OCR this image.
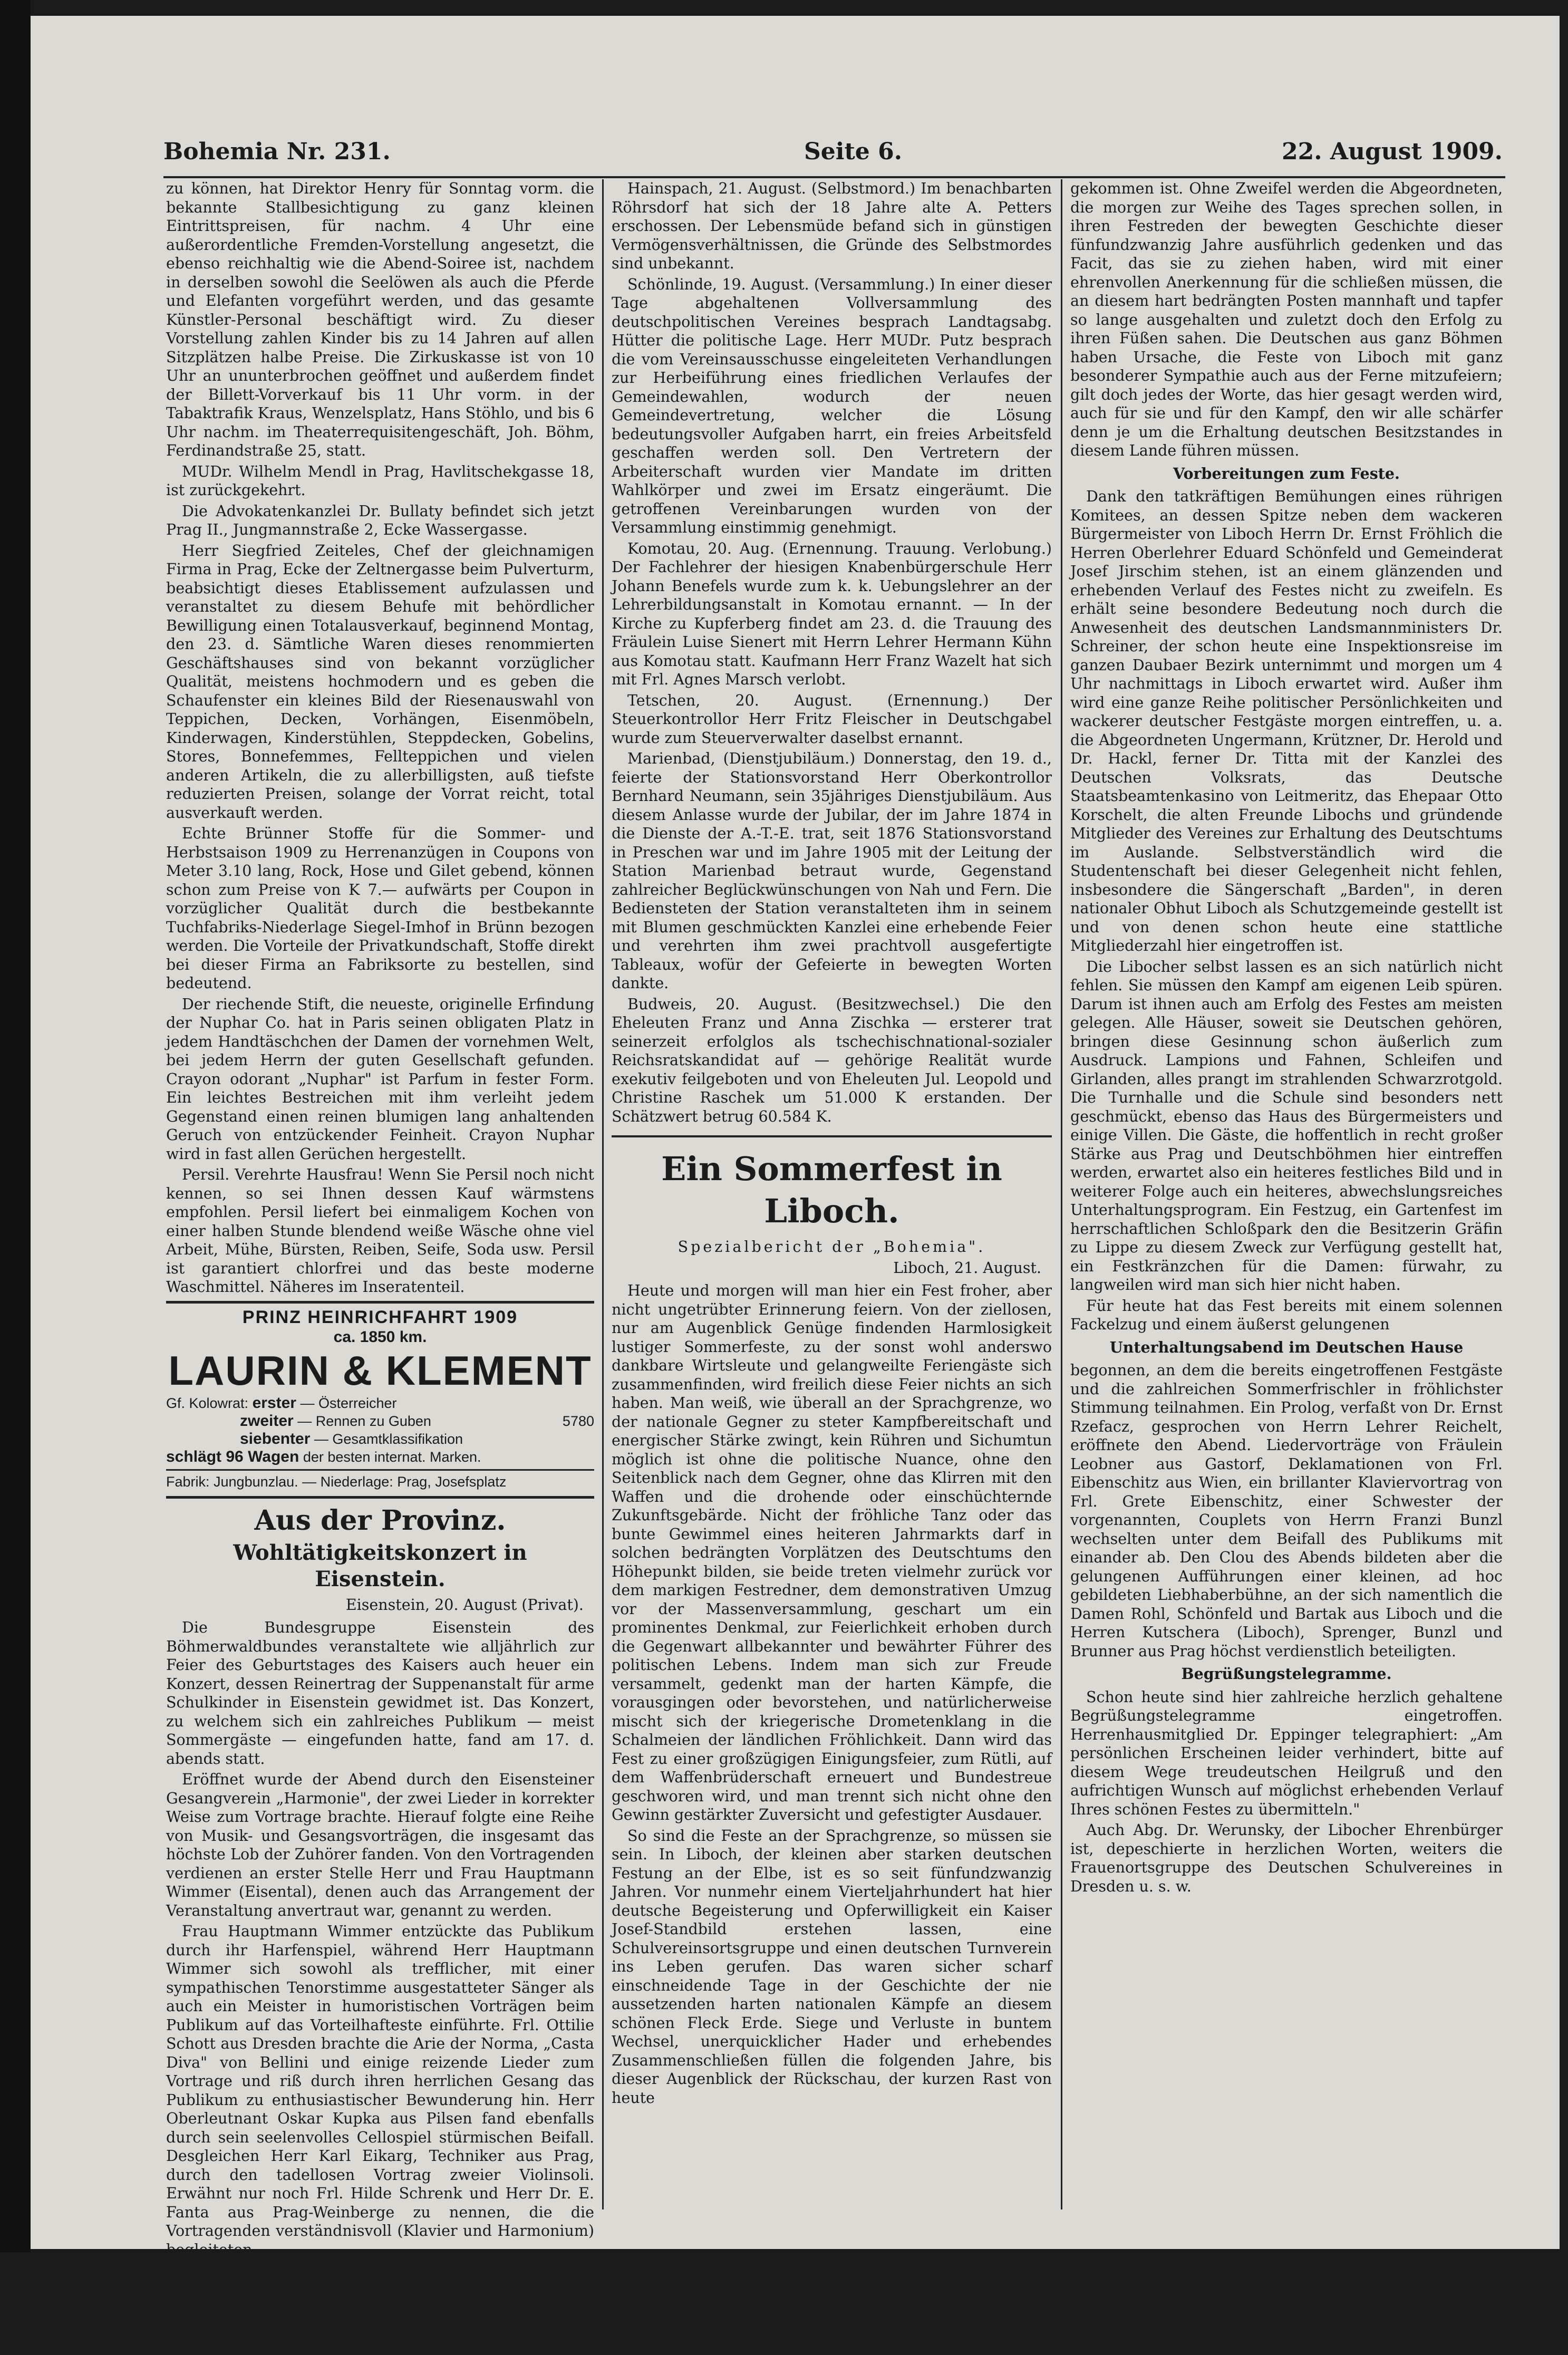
Bohemia Nr. 231.	Seite 6.	22. August 1909.

zu können, hat Direktor Henry für Sonntag vorm. die bekannte Stallbesichtigung zu ganz kleinen Eintrittspreisen, für nachm. 4 Uhr eine außerordentliche Fremden-Vorstellung angesetzt, die ebenso reichhaltig wie die Abend-Soiree ist, nachdem in derselben sowohl die Seelöwen als auch die Pferde und Elefanten vorgeführt werden, und das gesamte Künstler-Personal beschäftigt wird. Zu dieser Vorstellung zahlen Kinder bis zu 14 Jahren auf allen Sitzplätzen halbe Preise. Die Zirkuskasse ist von 10 Uhr an ununterbrochen geöffnet und außerdem findet der Billett-Vorverkauf bis 11 Uhr vorm. in der Tabaktrafik Kraus, Wenzelsplatz, Hans Stöhlo, und bis 6 Uhr nachm. im Theaterrequisitengeschäft, Joh. Böhm, Ferdinandstraße 25, statt.

MUDr. Wilhelm Mendl in Prag, Havlitschekgasse 18, ist zurückgekehrt.

Die Advokatenkanzlei Dr. Bullaty befindet sich jetzt Prag II., Jungmannstraße 2, Ecke Wassergasse.

Herr Siegfried Zeiteles, Chef der gleichnamigen Firma in Prag, Ecke der Zeltnergasse beim Pulverturm, beabsichtigt dieses Etablissement aufzulassen und veranstaltet zu diesem Behufe mit behördlicher Bewilligung einen Totalausverkauf, beginnend Montag, den 23. d. Sämtliche Waren dieses renommierten Geschäftshauses sind von bekannt vorzüglicher Qualität, meistens hochmodern und es geben die Schaufenster ein kleines Bild der Riesenauswahl von Teppichen, Decken, Vorhängen, Eisenmöbeln, Kinderwagen, Kinderstühlen, Steppdecken, Gobelins, Stores, Bonnefemmes, Fellteppichen und vielen anderen Artikeln, die zu allerbilligsten, auß tiefste reduzierten Preisen, solange der Vorrat reicht, total ausverkauft werden.

Echte Brünner Stoffe für die Sommer- und Herbstsaison 1909 zu Herrenanzügen in Coupons von Meter 3.10 lang, Rock, Hose und Gilet gebend, können schon zum Preise von K 7.— aufwärts per Coupon in vorzüglicher Qualität durch die bestbekannte Tuchfabriks-Niederlage Siegel-Imhof in Brünn bezogen werden. Die Vorteile der Privatkundschaft, Stoffe direkt bei dieser Firma an Fabriksorte zu bestellen, sind bedeutend.

Der riechende Stift, die neueste, originelle Erfindung der Nuphar Co. hat in Paris seinen obligaten Platz in jedem Handtäschchen der Damen der vornehmen Welt, bei jedem Herrn der guten Gesellschaft gefunden. Crayon odorant „Nuphar" ist Parfum in fester Form. Ein leichtes Bestreichen mit ihm verleiht jedem Gegenstand einen reinen blumigen lang anhaltenden Geruch von entzückender Feinheit. Crayon Nuphar wird in fast allen Gerüchen hergestellt.

Persil. Verehrte Hausfrau! Wenn Sie Persil noch nicht kennen, so sei Ihnen dessen Kauf wärmstens empfohlen. Persil liefert bei einmaligem Kochen von einer halben Stunde blendend weiße Wäsche ohne viel Arbeit, Mühe, Bürsten, Reiben, Seife, Soda usw. Persil ist garantiert chlorfrei und das beste moderne Waschmittel. Näheres im Inseratenteil.

PRINZ HEINRICHFAHRT 1909
ca. 1850 km.
LAURIN & KLEMENT
Gf. Kolowrat: erster — Österreicher
zweiter — Rennen zu Guben	5780
siebenter — Gesamtklassifikation
schlägt 96 Wagen der besten internat. Marken.
Fabrik: Jungbunzlau. — Niederlage: Prag, Josefsplatz
Aus der Provinz.
Wohltätigkeitskonzert in Eisenstein.
Eisenstein, 20. August (Privat).

Die Bundesgruppe Eisenstein des Böhmerwaldbundes veranstaltete wie alljährlich zur Feier des Geburtstages des Kaisers auch heuer ein Konzert, dessen Reinertrag der Suppenanstalt für arme Schulkinder in Eisenstein gewidmet ist. Das Konzert, zu welchem sich ein zahlreiches Publikum — meist Sommergäste — eingefunden hatte, fand am 17. d. abends statt.

Eröffnet wurde der Abend durch den Eisensteiner Gesangverein „Harmonie", der zwei Lieder in korrekter Weise zum Vortrage brachte. Hierauf folgte eine Reihe von Musik- und Gesangsvorträgen, die insgesamt das höchste Lob der Zuhörer fanden. Von den Vortragenden verdienen an erster Stelle Herr und Frau Hauptmann Wimmer (Eisental), denen auch das Arrangement der Veranstaltung anvertraut war, genannt zu werden.

Frau Hauptmann Wimmer entzückte das Publikum durch ihr Harfenspiel, während Herr Hauptmann Wimmer sich sowohl als trefflicher, mit einer sympathischen Tenorstimme ausgestatteter Sänger als auch ein Meister in humoristischen Vorträgen beim Publikum auf das Vorteilhafteste einführte. Frl. Ottilie Schott aus Dresden brachte die Arie der Norma, „Casta Diva" von Bellini und einige reizende Lieder zum Vortrage und riß durch ihren herrlichen Gesang das Publikum zu enthusiastischer Bewunderung hin. Herr Oberleutnant Oskar Kupka aus Pilsen fand ebenfalls durch sein seelenvolles Cellospiel stürmischen Beifall. Desgleichen Herr Karl Eikarg, Techniker aus Prag, durch den tadellosen Vortrag zweier Violinsoli. Erwähnt nur noch Frl. Hilde Schrenk und Herr Dr. E. Fanta aus Prag-Weinberge zu nennen, die die Vortragenden verständnisvoll (Klavier und Harmonium) begleiteten.

Zum Schluß sei erwähnt, daß das Publikum von der Vornehmheit und Gediegenheit der feurigen Darbietungen auf das angenehmste überrascht war und daß der Reinertrag ein nicht unbedeutender sein dürfte.

Hainspach, 21. August. (Selbstmord.) Im benachbarten Röhrsdorf hat sich der 18 Jahre alte A. Petters erschossen. Der Lebensmüde befand sich in günstigen Vermögensverhältnissen, die Gründe des Selbstmordes sind unbekannt.

Schönlinde, 19. August. (Versammlung.) In einer dieser Tage abgehaltenen Vollversammlung des deutschpolitischen Vereines besprach Landtagsabg. Hütter die politische Lage. Herr MUDr. Putz besprach die vom Vereinsausschusse eingeleiteten Verhandlungen zur Herbeiführung eines friedlichen Verlaufes der Gemeindewahlen, wodurch der neuen Gemeindevertretung, welcher die Lösung bedeutungsvoller Aufgaben harrt, ein freies Arbeitsfeld geschaffen werden soll. Den Vertretern der Arbeiterschaft wurden vier Mandate im dritten Wahlkörper und zwei im Ersatz eingeräumt. Die getroffenen Vereinbarungen wurden von der Versammlung einstimmig genehmigt.

Komotau, 20. Aug. (Ernennung. Trauung. Verlobung.) Der Fachlehrer der hiesigen Knabenbürgerschule Herr Johann Benefels wurde zum k. k. Uebungslehrer an der Lehrerbildungsanstalt in Komotau ernannt. — In der Kirche zu Kupferberg findet am 23. d. die Trauung des Fräulein Luise Sienert mit Herrn Lehrer Hermann Kühn aus Komotau statt. Kaufmann Herr Franz Wazelt hat sich mit Frl. Agnes Marsch verlobt.

Tetschen, 20. August. (Ernennung.) Der Steuerkontrollor Herr Fritz Fleischer in Deutschgabel wurde zum Steuerverwalter daselbst ernannt.

Marienbad, (Dienstjubiläum.) Donnerstag, den 19. d., feierte der Stationsvorstand Herr Oberkontrollor Bernhard Neumann, sein 35jähriges Dienstjubiläum. Aus diesem Anlasse wurde der Jubilar, der im Jahre 1874 in die Dienste der A.-T.-E. trat, seit 1876 Stationsvorstand in Preschen war und im Jahre 1905 mit der Leitung der Station Marienbad betraut wurde, Gegenstand zahlreicher Beglückwünschungen von Nah und Fern. Die Bediensteten der Station veranstalteten ihm in seinem mit Blumen geschmückten Kanzlei eine erhebende Feier und verehrten ihm zwei prachtvoll ausgefertigte Tableaux, wofür der Gefeierte in bewegten Worten dankte.

Budweis, 20. August. (Besitzwechsel.) Die den Eheleuten Franz und Anna Zischka — ersterer trat seinerzeit erfolglos als tschechischnational-sozialer Reichsratskandidat auf — gehörige Realität wurde exekutiv feilgeboten und von Eheleuten Jul. Leopold und Christine Raschek um 51.000 K erstanden. Der Schätzwert betrug 60.584 K.

Ein Sommerfest in Liboch.
Spezialbericht der „Bohemia".
Liboch, 21. August.

Heute und morgen will man hier ein Fest froher, aber nicht ungetrübter Erinnerung feiern. Von der ziellosen, nur am Augenblick Genüge findenden Harmlosigkeit lustiger Sommerfeste, zu der sonst wohl anderswo dankbare Wirtsleute und gelangweilte Feriengäste sich zusammenfinden, wird freilich diese Feier nichts an sich haben. Man weiß, wie überall an der Sprachgrenze, wo der nationale Gegner zu steter Kampfbereitschaft und energischer Stärke zwingt, kein Rühren und Sichumtun möglich ist ohne die politische Nuance, ohne den Seitenblick nach dem Gegner, ohne das Klirren mit den Waffen und die drohende oder einschüchternde Zukunftsgebärde. Nicht der fröhliche Tanz oder das bunte Gewimmel eines heiteren Jahrmarkts darf in solchen bedrängten Vorplätzen des Deutschtums den Höhepunkt bilden, sie beide treten vielmehr zurück vor dem markigen Festredner, dem demonstrativen Umzug vor der Massenversammlung, geschart um ein prominentes Denkmal, zur Feierlichkeit erhoben durch die Gegenwart allbekannter und bewährter Führer des politischen Lebens. Indem man sich zur Freude versammelt, gedenkt man der harten Kämpfe, die vorausgingen oder bevorstehen, und natürlicherweise mischt sich der kriegerische Drometenklang in die Schalmeien der ländlichen Fröhlichkeit. Dann wird das Fest zu einer großzügigen Einigungsfeier, zum Rütli, auf dem Waffenbrüderschaft erneuert und Bundestreue geschworen wird, und man trennt sich nicht ohne den Gewinn gestärkter Zuversicht und gefestigter Ausdauer.

So sind die Feste an der Sprachgrenze, so müssen sie sein. In Liboch, der kleinen aber starken deutschen Festung an der Elbe, ist es so seit fünfundzwanzig Jahren. Vor nunmehr einem Vierteljahrhundert hat hier deutsche Begeisterung und Opferwilligkeit ein Kaiser Josef-Standbild erstehen lassen, eine Schulvereinsortsgruppe und einen deutschen Turnverein ins Leben gerufen. Das waren sicher scharf einschneidende Tage in der Geschichte der nie aussetzenden harten nationalen Kämpfe an diesem schönen Fleck Erde. Siege und Verluste in buntem Wechsel, unerquicklicher Hader und erhebendes Zusammenschließen füllen die folgenden Jahre, bis dieser Augenblick der Rückschau, der kurzen Rast von heute

gekommen ist. Ohne Zweifel werden die Abgeordneten, die morgen zur Weihe des Tages sprechen sollen, in ihren Festreden der bewegten Geschichte dieser fünfundzwanzig Jahre ausführlich gedenken und das Facit, das sie zu ziehen haben, wird mit einer ehrenvollen Anerkennung für die schließen müssen, die an diesem hart bedrängten Posten mannhaft und tapfer so lange ausgehalten und zuletzt doch den Erfolg zu ihren Füßen sahen. Die Deutschen aus ganz Böhmen haben Ursache, die Feste von Liboch mit ganz besonderer Sympathie auch aus der Ferne mitzufeiern; gilt doch jedes der Worte, das hier gesagt werden wird, auch für sie und für den Kampf, den wir alle schärfer denn je um die Erhaltung deutschen Besitzstandes in diesem Lande führen müssen.

Vorbereitungen zum Feste.

Dank den tatkräftigen Bemühungen eines rührigen Komitees, an dessen Spitze neben dem wackeren Bürgermeister von Liboch Herrn Dr. Ernst Fröhlich die Herren Oberlehrer Eduard Schönfeld und Gemeinderat Josef Jirschim stehen, ist an einem glänzenden und erhebenden Verlauf des Festes nicht zu zweifeln. Es erhält seine besondere Bedeutung noch durch die Anwesenheit des deutschen Landsmannministers Dr. Schreiner, der schon heute eine Inspektionsreise im ganzen Daubaer Bezirk unternimmt und morgen um 4 Uhr nachmittags in Liboch erwartet wird. Außer ihm wird eine ganze Reihe politischer Persönlichkeiten und wackerer deutscher Festgäste morgen eintreffen, u. a. die Abgeordneten Ungermann, Krützner, Dr. Herold und Dr. Hackl, ferner Dr. Titta mit der Kanzlei des Deutschen Volksrats, das Deutsche Staatsbeamtenkasino von Leitmeritz, das Ehepaar Otto Korschelt, die alten Freunde Libochs und gründende Mitglieder des Vereines zur Erhaltung des Deutschtums im Auslande. Selbstverständlich wird die Studentenschaft bei dieser Gelegenheit nicht fehlen, insbesondere die Sängerschaft „Barden", in deren nationaler Obhut Liboch als Schutzgemeinde gestellt ist und von denen schon heute eine stattliche Mitgliederzahl hier eingetroffen ist.

Die Libocher selbst lassen es an sich natürlich nicht fehlen. Sie müssen den Kampf am eigenen Leib spüren. Darum ist ihnen auch am Erfolg des Festes am meisten gelegen. Alle Häuser, soweit sie Deutschen gehören, bringen diese Gesinnung schon äußerlich zum Ausdruck. Lampions und Fahnen, Schleifen und Girlanden, alles prangt im strahlenden Schwarzrotgold. Die Turnhalle und die Schule sind besonders nett geschmückt, ebenso das Haus des Bürgermeisters und einige Villen. Die Gäste, die hoffentlich in recht großer Stärke aus Prag und Deutschböhmen hier eintreffen werden, erwartet also ein heiteres festliches Bild und in weiterer Folge auch ein heiteres, abwechslungsreiches Unterhaltungsprogram. Ein Festzug, ein Gartenfest im herrschaftlichen Schloßpark den die Besitzerin Gräfin zu Lippe zu diesem Zweck zur Verfügung gestellt hat, ein Festkränzchen für die Damen: fürwahr, zu langweilen wird man sich hier nicht haben.

Für heute hat das Fest bereits mit einem solennen Fackelzug und einem äußerst gelungenen

Unterhaltungsabend im Deutschen Hause

begonnen, an dem die bereits eingetroffenen Festgäste und die zahlreichen Sommerfrischler in fröhlichster Stimmung teilnahmen. Ein Prolog, verfaßt von Dr. Ernst Rzefacz, gesprochen von Herrn Lehrer Reichelt, eröffnete den Abend. Liedervorträge von Fräulein Leobner aus Gastorf, Deklamationen von Frl. Eibenschitz aus Wien, ein brillanter Klaviervortrag von Frl. Grete Eibenschitz, einer Schwester der vorgenannten, Couplets von Herrn Franzi Bunzl wechselten unter dem Beifall des Publikums mit einander ab. Den Clou des Abends bildeten aber die gelungenen Aufführungen einer kleinen, ad hoc gebildeten Liebhaberbühne, an der sich namentlich die Damen Rohl, Schönfeld und Bartak aus Liboch und die Herren Kutschera (Liboch), Sprenger, Bunzl und Brunner aus Prag höchst verdienstlich beteiligten.

Begrüßungstelegramme.

Schon heute sind hier zahlreiche herzlich gehaltene Begrüßungstelegramme eingetroffen. Herrenhausmitglied Dr. Eppinger telegraphiert: „Am persönlichen Erscheinen leider verhindert, bitte auf diesem Wege treudeutschen Heilgruß und den aufrichtigen Wunsch auf möglichst erhebenden Verlauf Ihres schönen Festes zu übermitteln."

Auch Abg. Dr. Werunsky, der Libocher Ehrenbürger ist, depeschierte in herzlichen Worten, weiters die Frauenortsgruppe des Deutschen Schulvereines in Dresden u. s. w.
